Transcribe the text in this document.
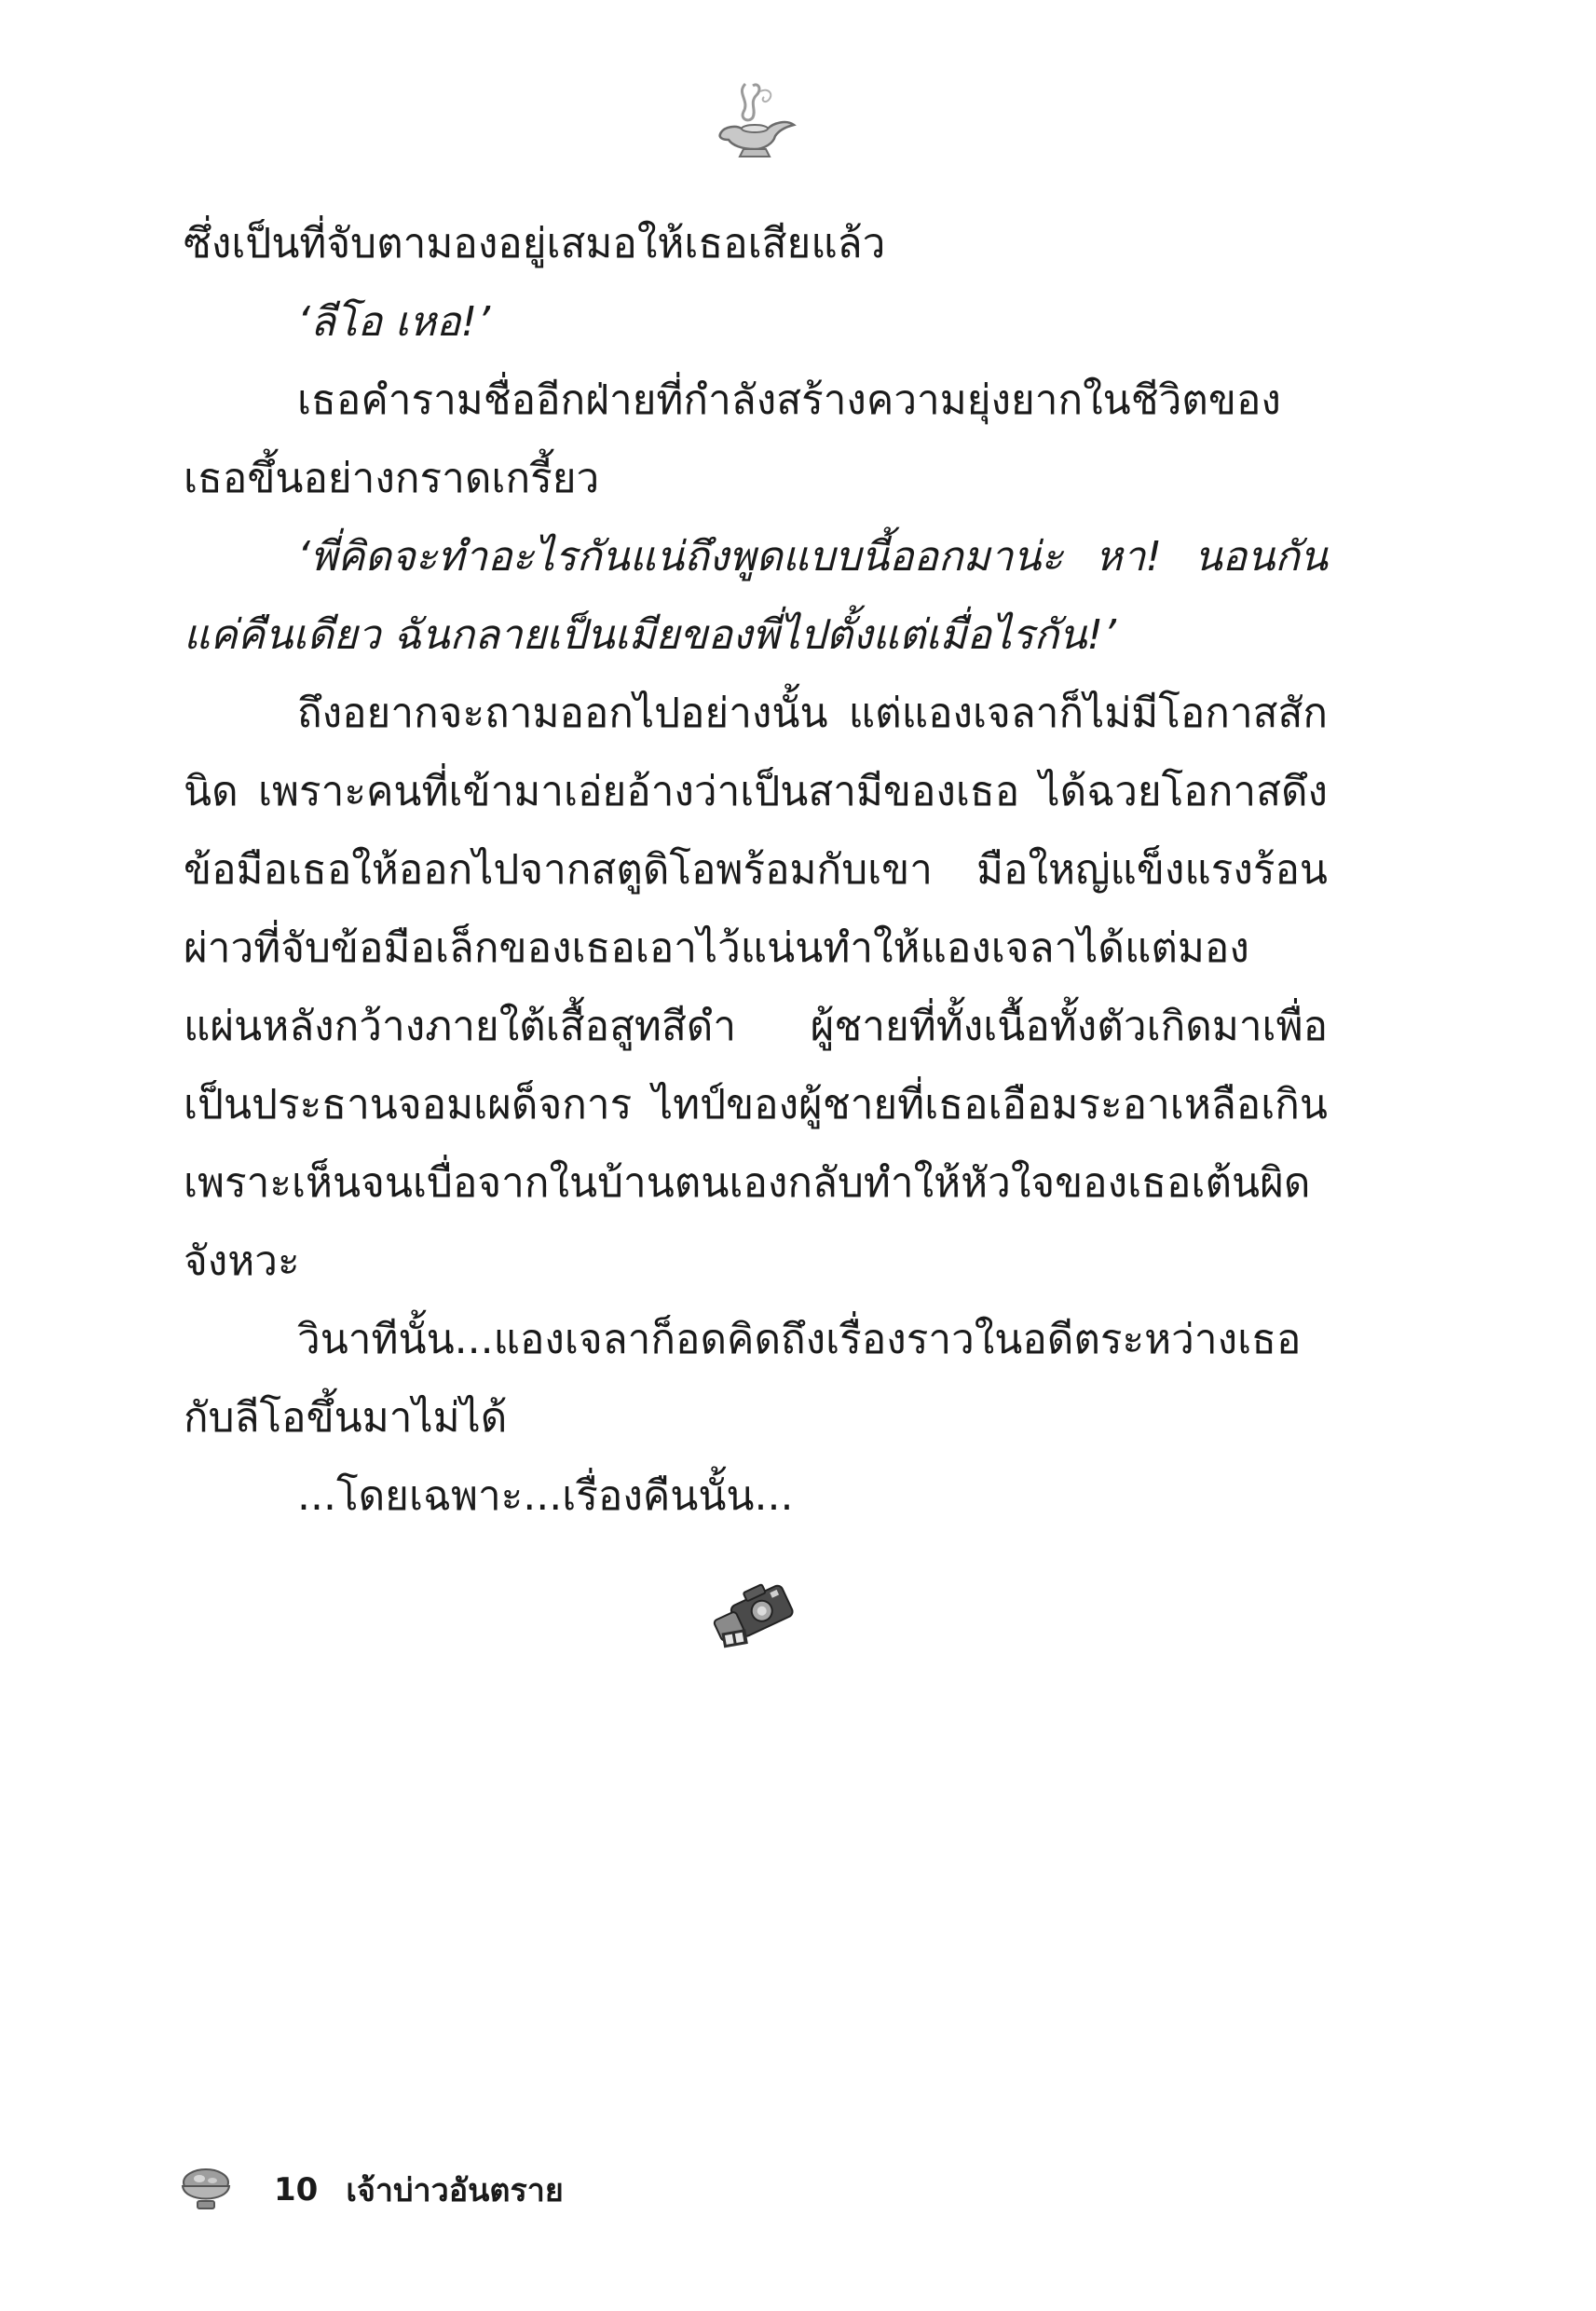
ซึ่งเป็นที่จับตามองอยู่เสมอให้เธอเสียแล้ว

‘ลีโอ เหอ!’

เธอคำรามชื่ออีกฝ่ายที่กำลังสร้างความยุ่งยากในชีวิตของเธอขึ้นอย่างกราดเกรี้ยว

‘พี่คิดจะทำอะไรกันแน่ถึงพูดแบบนี้ออกมาน่ะ หา! นอนกันแค่คืนเดียว ฉันกลายเป็นเมียของพี่ไปตั้งแต่เมื่อไรกัน!’

ถึงอยากจะถามออกไปอย่างนั้น แต่แองเจลาก็ไม่มีโอกาสสักนิด เพราะคนที่เข้ามาเอ่ยอ้างว่าเป็นสามีของเธอ ได้ฉวยโอกาสดึงข้อมือเธอให้ออกไปจากสตูดิโอพร้อมกับเขา มือใหญ่แข็งแรงร้อนผ่าวที่จับข้อมือเล็กของเธอเอาไว้แน่นทำให้แองเจลาได้แต่มองแผ่นหลังกว้างภายใต้เสื้อสูทสีดำ ผู้ชายที่ทั้งเนื้อทั้งตัวเกิดมาเพื่อเป็นประธานจอมเผด็จการ ไทป์ของผู้ชายที่เธอเอือมระอาเหลือเกินเพราะเห็นจนเบื่อจากในบ้านตนเองกลับทำให้หัวใจของเธอเต้นผิดจังหวะ

วินาทีนั้น...แองเจลาก็อดคิดถึงเรื่องราวในอดีตระหว่างเธอกับลีโอขึ้นมาไม่ได้

...โดยเฉพาะ...เรื่องคืนนั้น...

10 เจ้าบ่าวอันตราย
